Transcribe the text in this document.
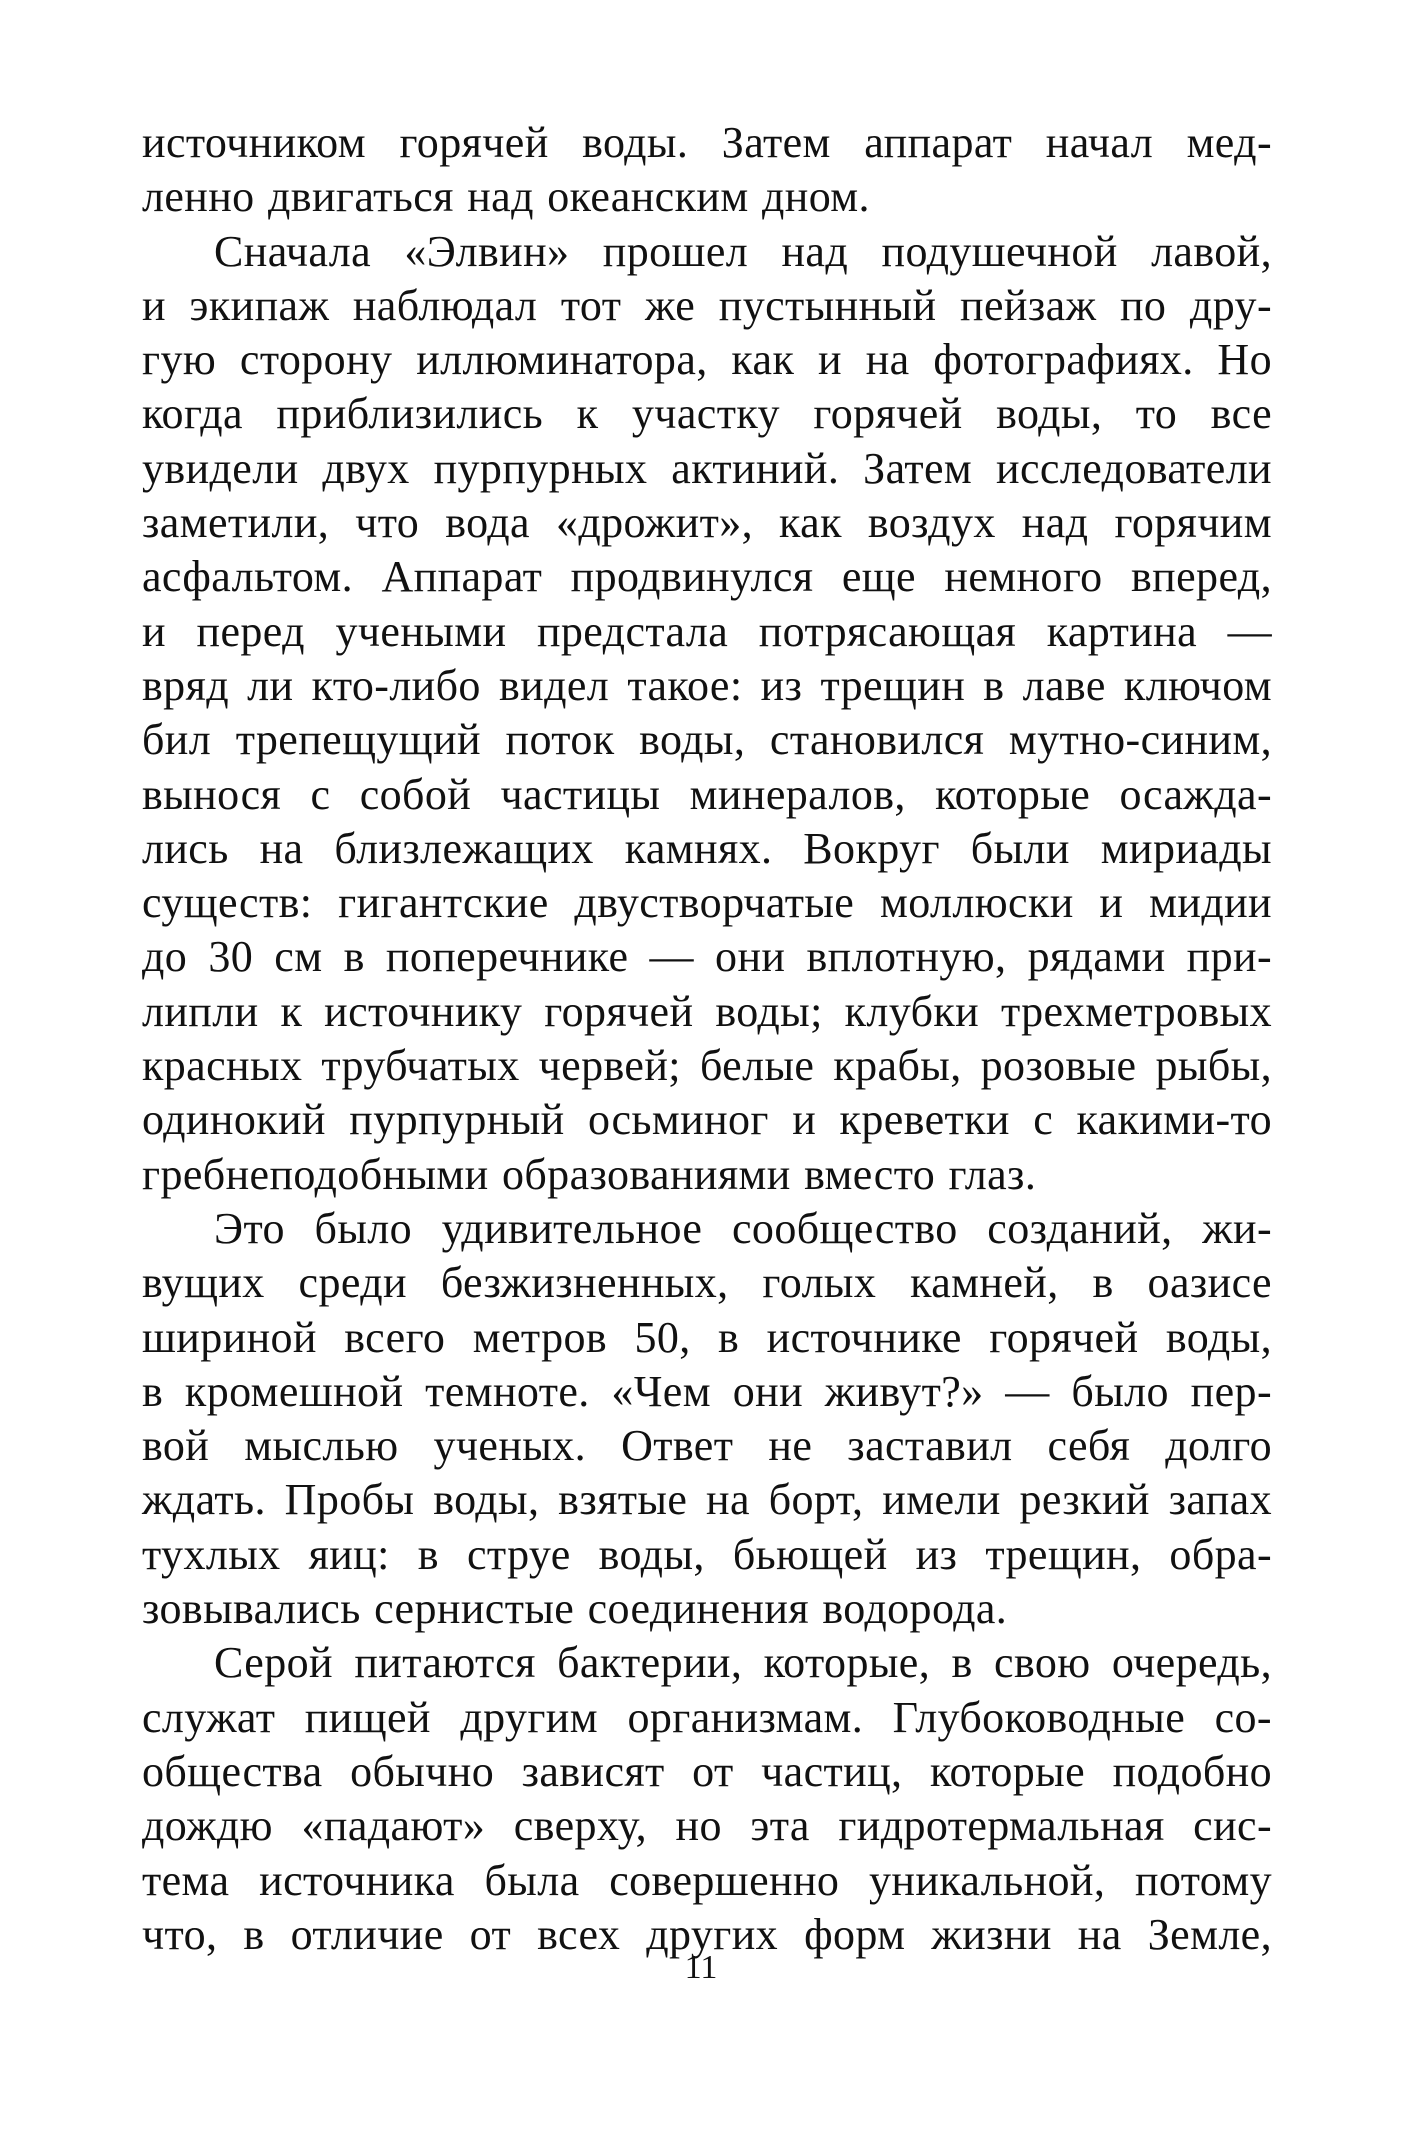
источником горячей воды. Затем аппарат начал мед-
ленно двигаться над океанским дном.
Сначала «Элвин» прошел над подушечной лавой,
и экипаж наблюдал тот же пустынный пейзаж по дру-
гую сторону иллюминатора, как и на фотографиях. Но
когда приблизились к участку горячей воды, то все
увидели двух пурпурных актиний. Затем исследователи
заметили, что вода «дрожит», как воздух над горячим
асфальтом. Аппарат продвинулся еще немного вперед,
и перед учеными предстала потрясающая картина —
вряд ли кто-либо видел такое: из трещин в лаве ключом
бил трепещущий поток воды, становился мутно-синим,
вынося с собой частицы минералов, которые осажда-
лись на близлежащих камнях. Вокруг были мириады
существ: гигантские двустворчатые моллюски и мидии
до 30 см в поперечнике — они вплотную, рядами при-
липли к источнику горячей воды; клубки трехметровых
красных трубчатых червей; белые крабы, розовые рыбы,
одинокий пурпурный осьминог и креветки с какими-то
гребнеподобными образованиями вместо глаз.
Это было удивительное сообщество созданий, жи-
вущих среди безжизненных, голых камней, в оазисе
шириной всего метров 50, в источнике горячей воды,
в кромешной темноте. «Чем они живут?» — было пер-
вой мыслью ученых. Ответ не заставил себя долго
ждать. Пробы воды, взятые на борт, имели резкий запах
тухлых яиц: в струе воды, бьющей из трещин, обра-
зовывались сернистые соединения водорода.
Серой питаются бактерии, которые, в свою очередь,
служат пищей другим организмам. Глубоководные со-
общества обычно зависят от частиц, которые подобно
дождю «падают» сверху, но эта гидротермальная сис-
тема источника была совершенно уникальной, потому
что, в отличие от всех других форм жизни на Земле,
11
